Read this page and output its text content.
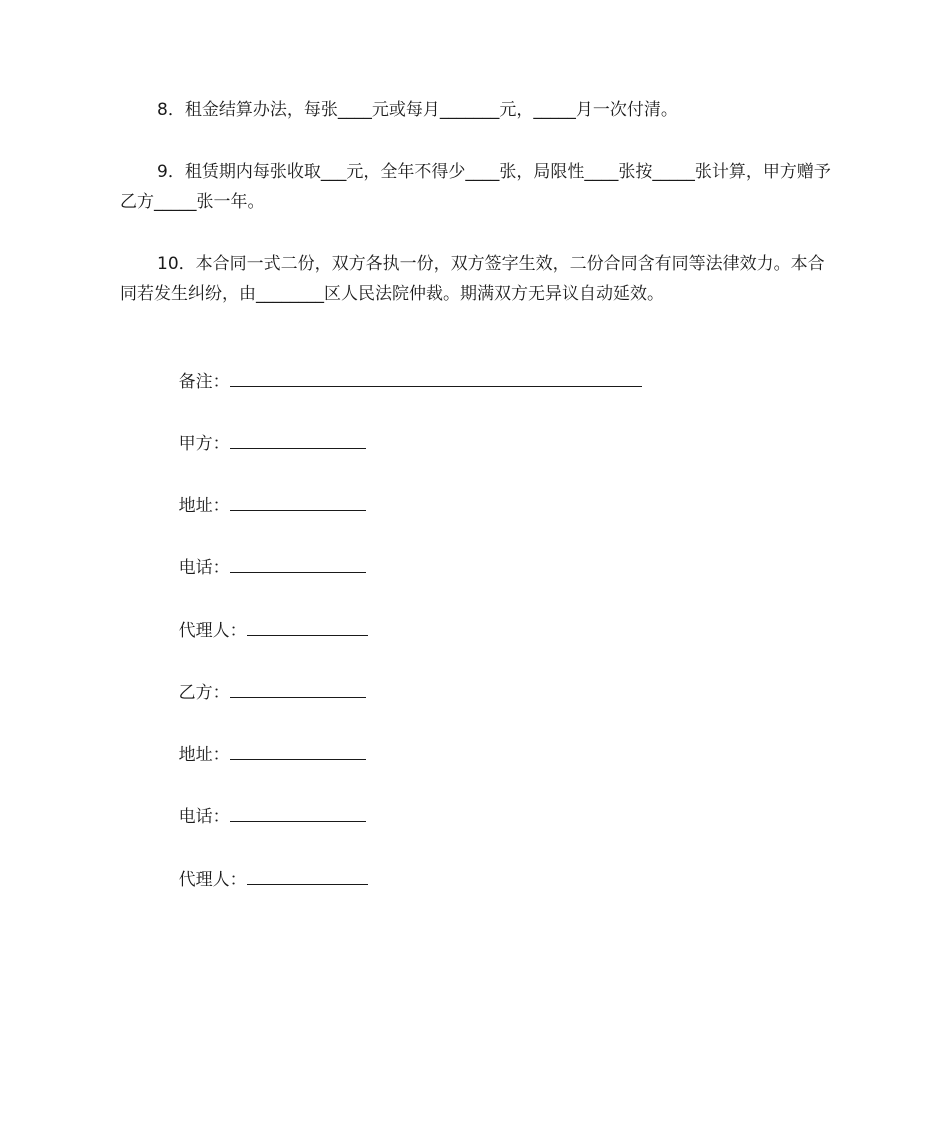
8．租金结算办法，每张____元或每月_______元，_____月一次付清。
9．租赁期内每张收取___元，全年不得少____张，局限性____张按_____张计算，甲方赠予乙方_____张一年。
10．本合同一式二份，双方各执一份，双方签字生效，二份合同含有同等法律效力。本合同若发生纠纷，由________区人民法院仲裁。期满双方无异议自动延效。

备注：

甲方：

地址：

电话：

代理人：

乙方：

地址：

电话：

代理人：
